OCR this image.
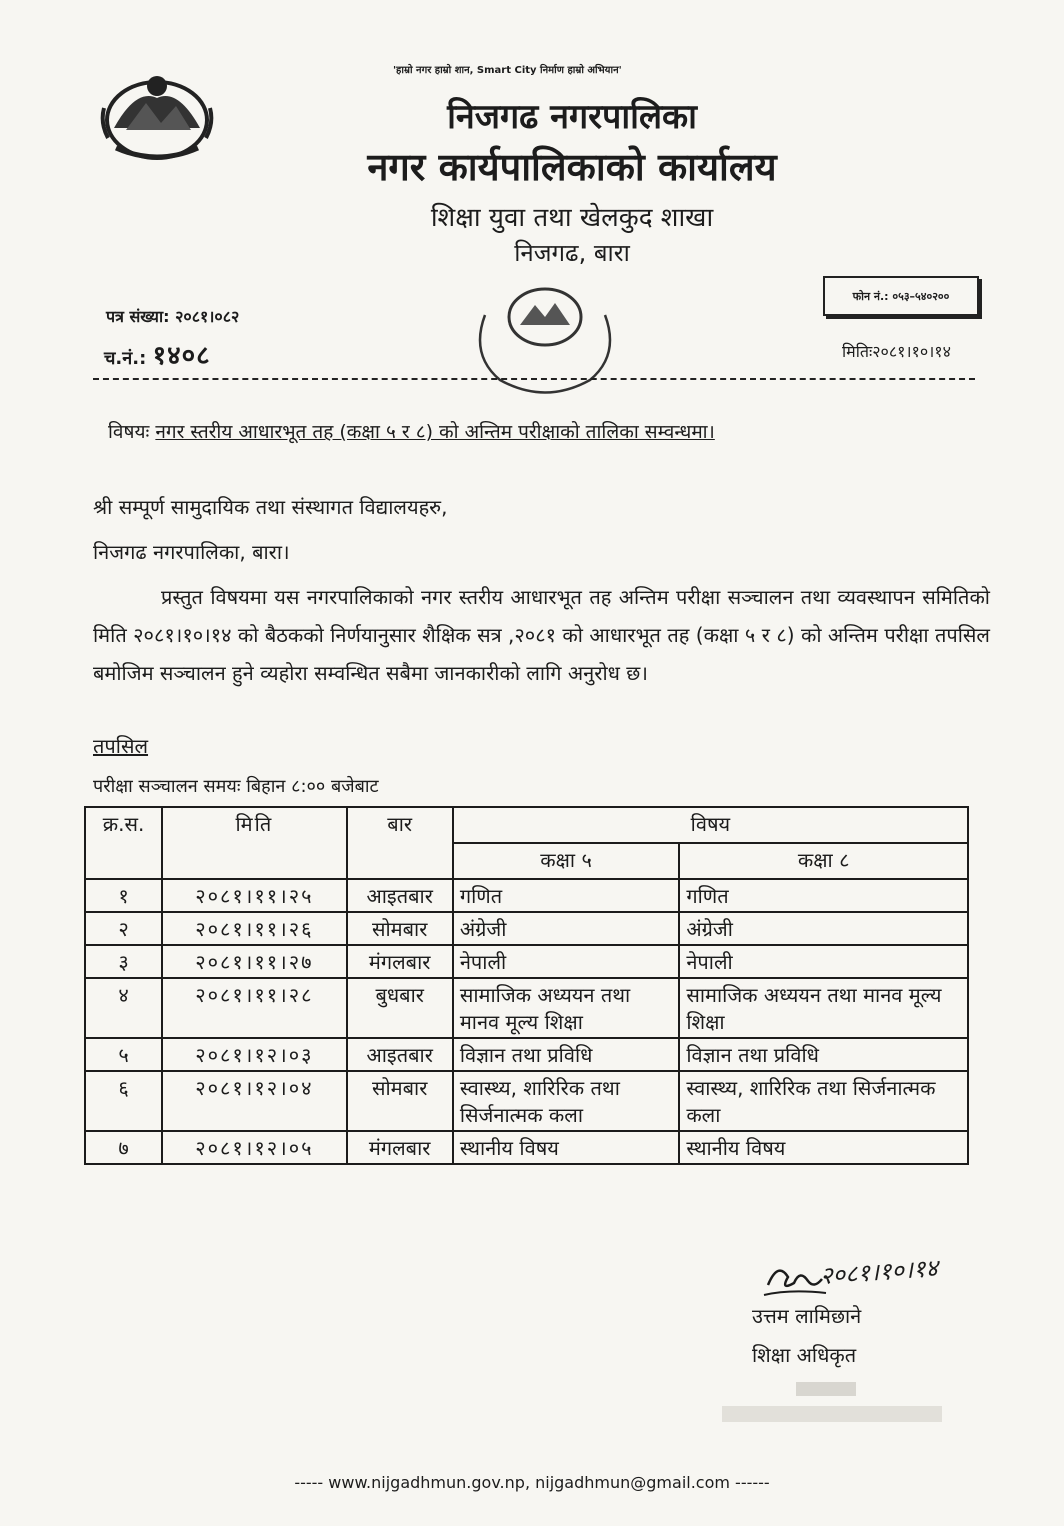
'हाम्रो नगर हाम्रो शान, Smart City निर्माण हाम्रो अभियान'
निजगढ नगरपालिका
नगर कार्यपालिकाको कार्यालय
शिक्षा युवा तथा खेलकुद शाखा
निजगढ, बारा
फोन नं.: ०५३–५४०२००
पत्र संख्या: २०८१।०८२
च.नं.: १४०८	मितिः२०८१।१०।१४
विषयः नगर स्तरीय आधारभूत तह (कक्षा ५ र ८) को अन्तिम परीक्षाको तालिका सम्वन्धमा।
श्री सम्पूर्ण सामुदायिक तथा संस्थागत विद्यालयहरु,
निजगढ नगरपालिका, बारा।
प्रस्तुत विषयमा यस नगरपालिकाको नगर स्तरीय आधारभूत तह अन्तिम परीक्षा सञ्चालन तथा व्यवस्थापन समितिको मिति २०८१।१०।१४ को बैठकको निर्णयानुसार शैक्षिक सत्र ,२०८१ को आधारभूत तह (कक्षा ५ र ८) को अन्तिम परीक्षा तपसिल बमोजिम सञ्चालन हुने व्यहोरा सम्वन्धित सबैमा जानकारीको लागि अनुरोध छ।
तपसिल
परीक्षा सञ्चालन समयः बिहान ८:०० बजेबाट
क्र.स.	मिति	बार	विषय	
			कक्षा ५	कक्षा ८
१	२०८१।११।२५	आइतबार	गणित	गणित
२	२०८१।११।२६	सोमबार	अंग्रेजी	अंग्रेजी
३	२०८१।११।२७	मंगलबार	नेपाली	नेपाली
४	२०८१।११।२८	बुधबार	सामाजिक अध्ययन तथा मानव मूल्य शिक्षा	सामाजिक अध्ययन तथा मानव मूल्य शिक्षा
५	२०८१।१२।०३	आइतबार	विज्ञान तथा प्रविधि	विज्ञान तथा प्रविधि
६	२०८१।१२।०४	सोमबार	स्वास्थ्य, शारिरिक तथा सिर्जनात्मक कला	स्वास्थ्य, शारिरिक तथा सिर्जनात्मक कला
७	२०८१।१२।०५	मंगलबार	स्थानीय विषय	स्थानीय विषय
२०८१।१०।१४
उत्तम लामिछाने
शिक्षा अधिकृत
----- www.nijgadhmun.gov.np, nijgadhmun@gmail.com ------
